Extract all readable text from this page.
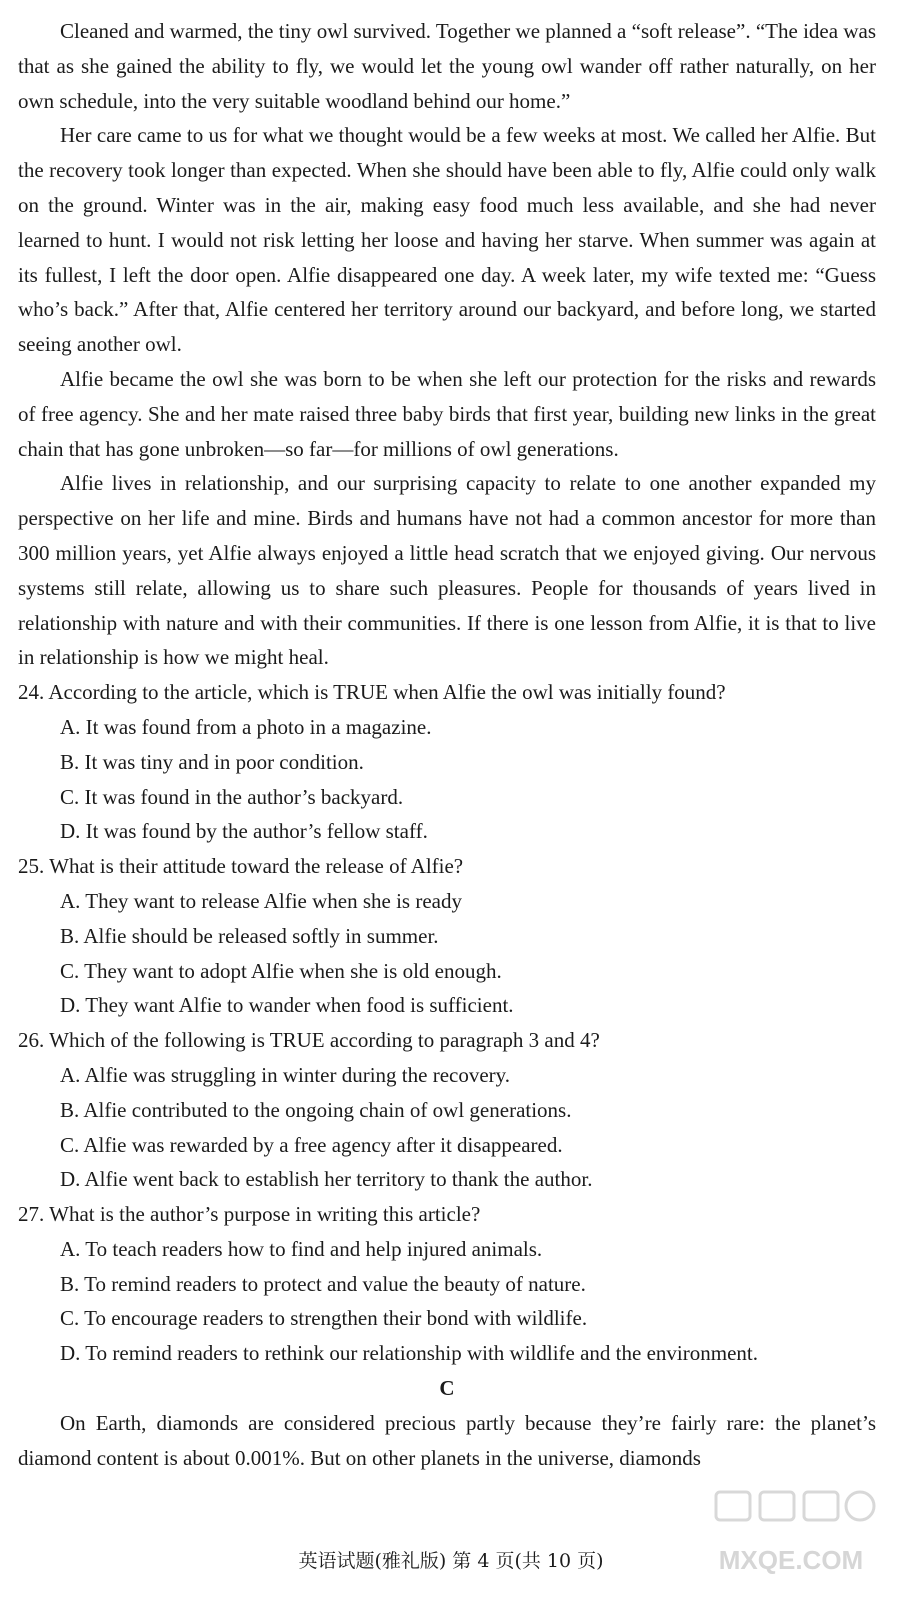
Cleaned and warmed, the tiny owl survived. Together we planned a “soft release”. “The idea was that as she gained the ability to fly, we would let the young owl wander off rather naturally, on her own schedule, into the very suitable woodland behind our home.”

Her care came to us for what we thought would be a few weeks at most. We called her Alfie. But the recovery took longer than expected. When she should have been able to fly, Alfie could only walk on the ground. Winter was in the air, making easy food much less available, and she had never learned to hunt. I would not risk letting her loose and having her starve. When summer was again at its fullest, I left the door open. Alfie disappeared one day. A week later, my wife texted me: “Guess who’s back.” After that, Alfie centered her territory around our backyard, and before long, we started seeing another owl.

Alfie became the owl she was born to be when she left our protection for the risks and rewards of free agency. She and her mate raised three baby birds that first year, building new links in the great chain that has gone unbroken—so far—for millions of owl generations.

Alfie lives in relationship, and our surprising capacity to relate to one another expanded my perspective on her life and mine. Birds and humans have not had a common ancestor for more than 300 million years, yet Alfie always enjoyed a little head scratch that we enjoyed giving. Our nervous systems still relate, allowing us to share such pleasures. People for thousands of years lived in relationship with nature and with their communities. If there is one lesson from Alfie, it is that to live in relationship is how we might heal.

24. According to the article, which is TRUE when Alfie the owl was initially found?

A. It was found from a photo in a magazine.

B. It was tiny and in poor condition.

C. It was found in the author’s backyard.

D. It was found by the author’s fellow staff.

25. What is their attitude toward the release of Alfie?

A. They want to release Alfie when she is ready

B. Alfie should be released softly in summer.

C. They want to adopt Alfie when she is old enough.

D. They want Alfie to wander when food is sufficient.

26. Which of the following is TRUE according to paragraph 3 and 4?

A. Alfie was struggling in winter during the recovery.

B. Alfie contributed to the ongoing chain of owl generations.

C. Alfie was rewarded by a free agency after it disappeared.

D. Alfie went back to establish her territory to thank the author.

27. What is the author’s purpose in writing this article?

A. To teach readers how to find and help injured animals.

B. To remind readers to protect and value the beauty of nature.

C. To encourage readers to strengthen their bond with wildlife.

D. To remind readers to rethink our relationship with wildlife and the environment.

C

On Earth, diamonds are considered precious partly because they’re fairly rare: the planet’s diamond content is about 0.001%. But on other planets in the universe, diamonds

英语试题(雅礼版) 第 4 页(共 10 页)	MXQE.COM
